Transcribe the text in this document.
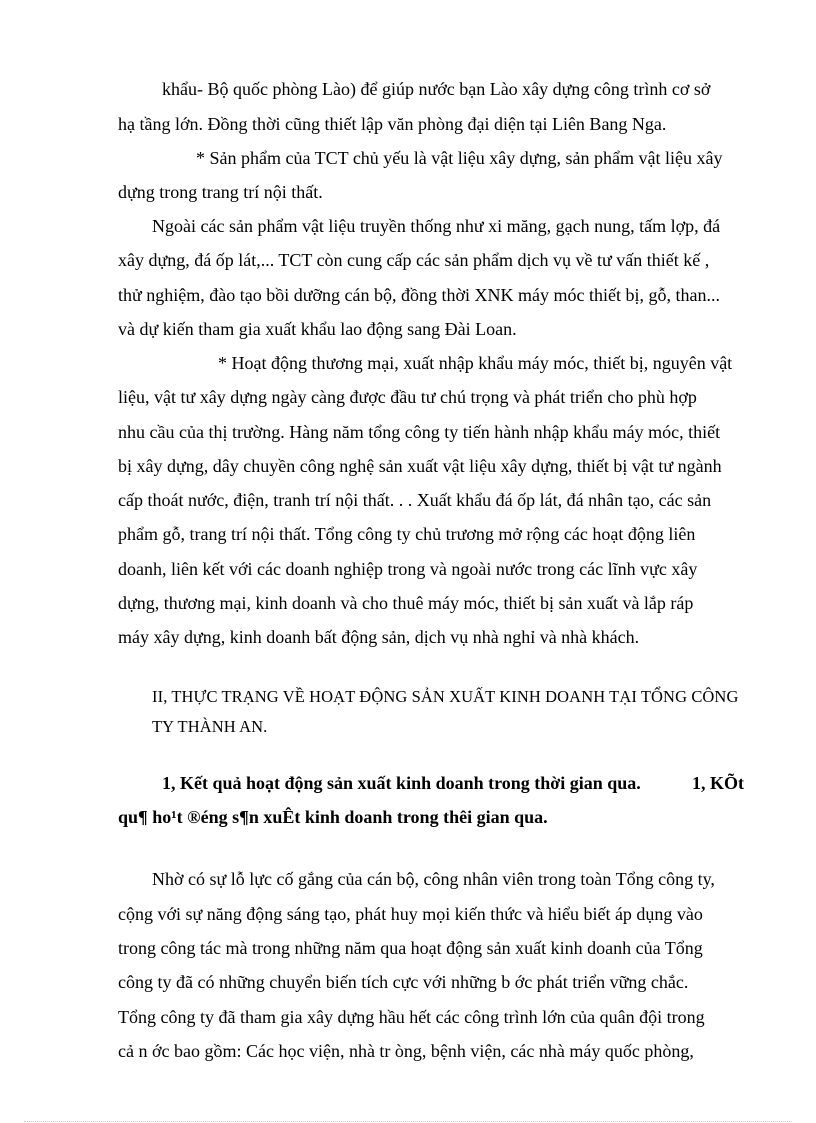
khẩu- Bộ quốc phòng Lào) để giúp nước bạn Lào xây dựng công trình cơ sở
hạ tầng lớn. Đồng thời cũng thiết lập văn phòng đại diện tại Liên Bang Nga.
* Sản phẩm của TCT chủ yếu là vật liệu xây dựng, sản phẩm vật liệu xây
dựng trong trang trí nội thất.
Ngoài các sản phẩm vật liệu truyền thống như xi măng, gạch nung, tấm lợp, đá
xây dựng, đá ốp lát,... TCT còn cung cấp các sản phẩm dịch vụ về tư vấn thiết kế ,
thử nghiệm, đào tạo bồi dưỡng cán bộ, đồng thời XNK máy móc thiết bị, gỗ, than...
và dự kiến tham gia xuất khẩu lao động sang Đài Loan.
* Hoạt động thương mại, xuất nhập khẩu máy móc, thiết bị, nguyên vật
liệu, vật tư xây dựng ngày càng được đầu tư chú trọng và phát triển cho phù hợp
nhu cầu của thị trường. Hàng năm tổng công ty tiến hành nhập khẩu máy móc, thiết
bị xây dựng, dây chuyền công nghệ sản xuất vật liệu xây dựng, thiết bị vật tư ngành
cấp thoát nước, điện, tranh trí nội thất. . . Xuất khẩu đá ốp lát, đá nhân tạo, các sản
phẩm gỗ, trang trí nội thất. Tổng công ty chủ trương mở rộng các hoạt động liên
doanh, liên kết với các doanh nghiệp trong và ngoài nước trong các lĩnh vực xây
dựng, thương mại, kinh doanh và cho thuê máy móc, thiết bị sản xuất và lắp ráp
máy xây dựng, kinh doanh bất động sản, dịch vụ nhà nghỉ và nhà khách.
II, THỰC TRẠNG VỀ HOẠT ĐỘNG SẢN XUẤT KINH DOANH TẠI TỔNG CÔNG
TY THÀNH AN.
1, Kết quả hoạt động sản xuất kinh doanh trong thời gian qua.	1, KÕt
qu¶ ho¹t ®éng s¶n xuÊt kinh doanh trong thêi gian qua.
Nhờ có sự lỗ lực cố gắng của cán bộ, công nhân viên trong toàn Tổng công ty,
cộng với sự năng động sáng tạo, phát huy mọi kiến thức và hiểu biết áp dụng vào
trong công tác mà trong những năm qua hoạt động sản xuất kinh doanh của Tổng
công ty đã có những chuyển biến tích cực với những b ớc phát triển vững chắc.
Tổng công ty đã tham gia xây dựng hầu hết các công trình lớn của quân đội trong
cả n ớc bao gồm: Các học viện, nhà tr òng, bệnh viện, các nhà máy quốc phòng,
